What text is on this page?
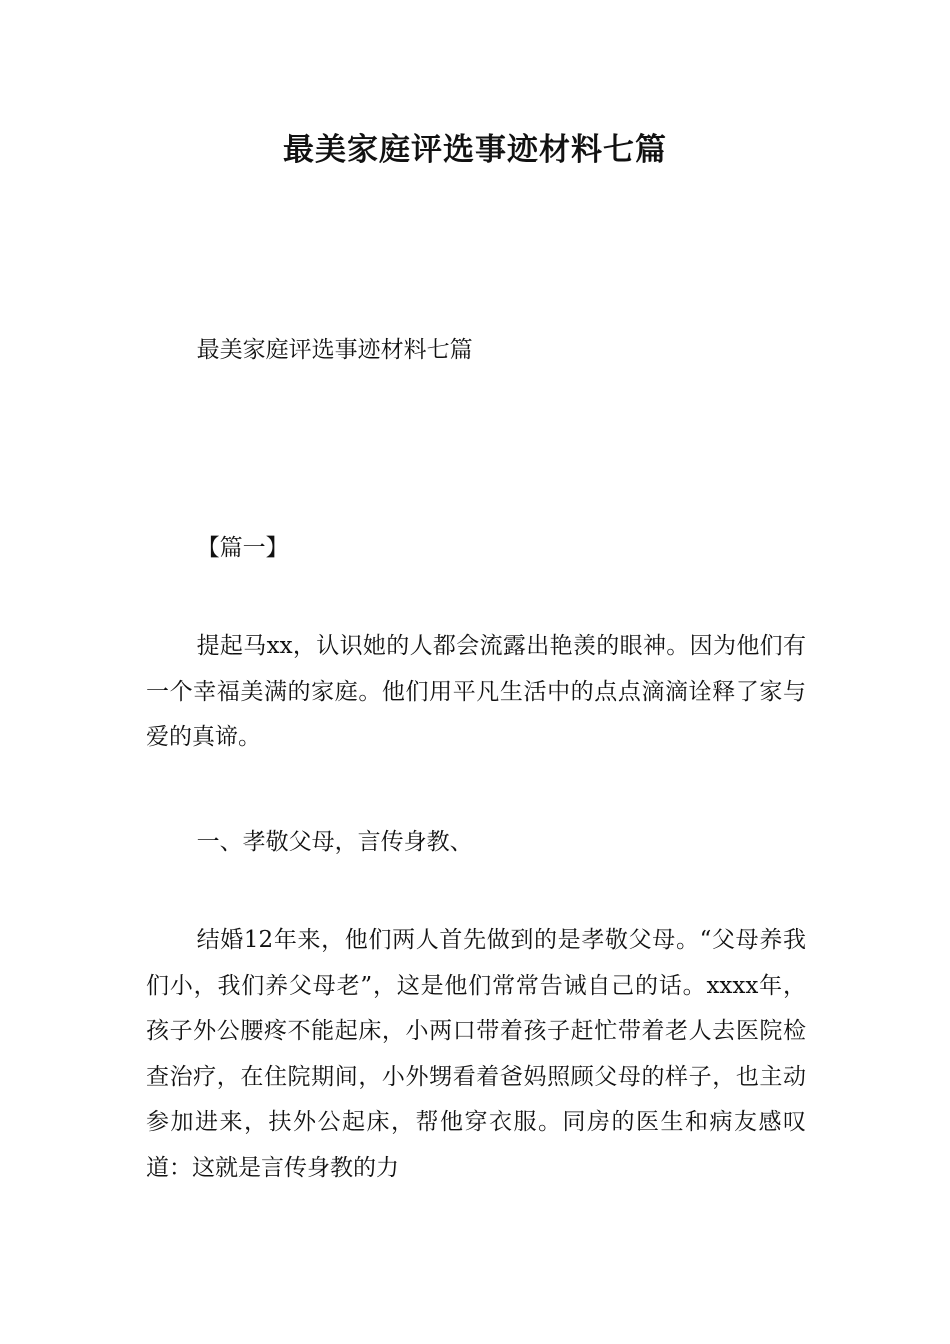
最美家庭评选事迹材料七篇

最美家庭评选事迹材料七篇

【篇一】

提起马xx，认识她的人都会流露出艳羡的眼神。因为他们有一个幸福美满的家庭。他们用平凡生活中的点点滴滴诠释了家与爱的真谛。

一、孝敬父母，言传身教、

结婚12年来，他们两人首先做到的是孝敬父母。“父母养我们小，我们养父母老”，这是他们常常告诫自己的话。xxxx年，孩子外公腰疼不能起床，小两口带着孩子赶忙带着老人去医院检查治疗，在住院期间，小外甥看着爸妈照顾父母的样子，也主动参加进来，扶外公起床，帮他穿衣服。同房的医生和病友感叹道：这就是言传身教的力
